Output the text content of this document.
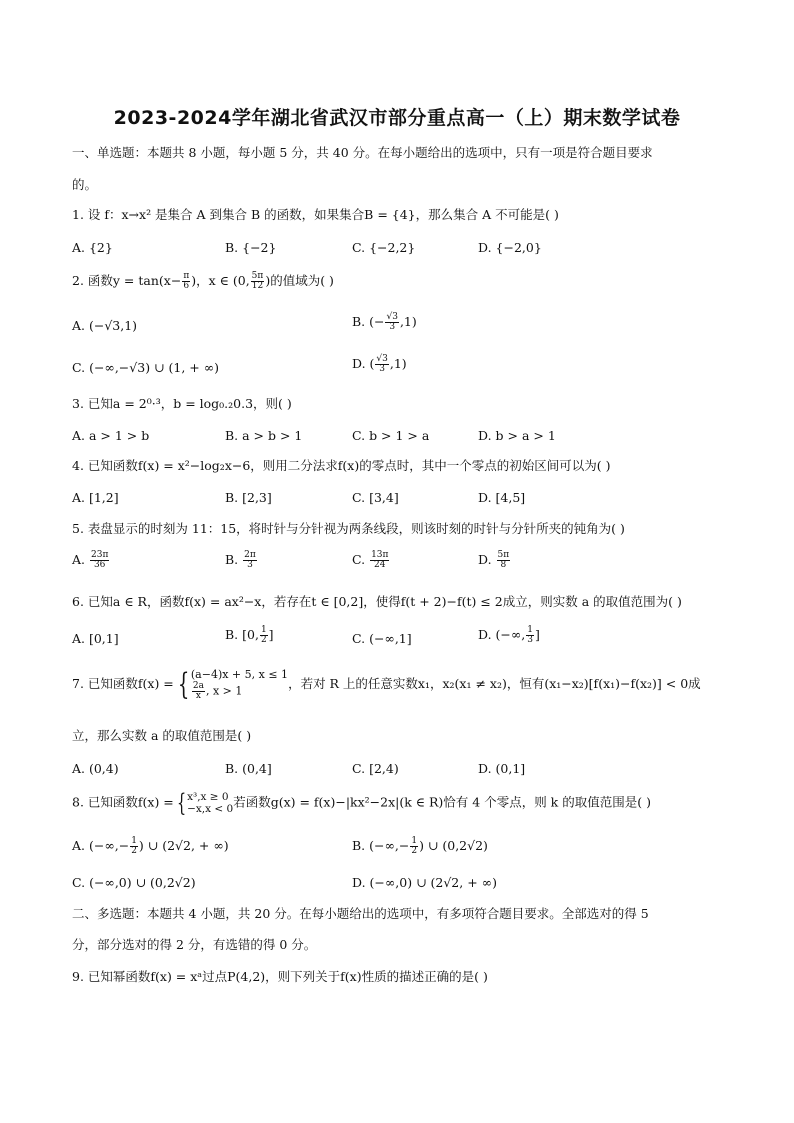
2023-2024学年湖北省武汉市部分重点高一（上）期末数学试卷
一、单选题：本题共 8 小题，每小题 5 分，共 40 分。在每小题给出的选项中，只有一项是符合题目要求
的。
1. 设 f：x→x² 是集合 A 到集合 B 的函数，如果集合B = {4}，那么集合 A 不可能是( )
A. {2}	B. {−2}	C. {−2,2}	D. {−2,0}
2. 函数$y = \tan(x- \frac{\pi}{6}$ )，x ∈ (0, $\frac{5\pi}{12}$ )的值域为( )
A. (−√3,1)	B. (− $\frac{√3}{3} ,1$)
C. (−∞,−√3) ∪ (1, + ∞)	D. ( $\frac{√3}{3} ,1$)
3. 已知a = 2⁰·³，b = log₀.₂0.3，则( )
A. a > 1 > b	B. a > b > 1	C. b > 1 > a	D. b > a > 1
4. 已知函数f(x) = x²−log₂x−6，则用二分法求f(x)的零点时，其中一个零点的初始区间可以为( )
A. [1,2]	B. [2,3]	C. [3,4]	D. [4,5]
5. 表盘显示的时刻为 11：15，将时针与分针视为两条线段，则该时刻的时针与分针所夹的钝角为( )
A. $\frac{23\pi}{36}$	B. $\frac{2\pi}{3}$	C. $\frac{13\pi}{24}$	D. $\frac{5\pi}{8}$
6. 已知a ∈ R，函数f(x) = ax²−x，若存在t ∈ [0,2]，使得f(t + 2)−f(t) ≤ 2成立，则实数 a 的取值范围为( )
A. [0,1]	B. [0, $\frac{1}{2}$ ]	C. (−∞,1]	D. (−∞, $\frac{1}{3}$ ]
7. 已知函数f(x) = { (a−4)x + 5, x ≤ 1
$\frac{2a}{x}$ , x > 1	，若对 R 上的任意实数x₁，x₂(x₁ ≠ x₂)，恒有(x₁−x₂)[f(x₁)−f(x₂)] < 0成
立，那么实数 a 的取值范围是( )
A. (0,4)	B. (0,4]	C. [2,4)	D. (0,1]
8. 已知函数f(x) = { x³,x ≥ 0
−x,x < 0 若函数g(x) = f(x)−|kx²−2x|(k ∈ R)恰有 4 个零点，则 k 的取值范围是( )
A. (−∞,− $\frac{1}{2}$ ) ∪ (2√2, + ∞)	B. (−∞,− $\frac{1}{2}$ ) ∪ (0,2√2)
C. (−∞,0) ∪ (0,2√2)	D. (−∞,0) ∪ (2√2, + ∞)
二、多选题：本题共 4 小题，共 20 分。在每小题给出的选项中，有多项符合题目要求。全部选对的得 5
分，部分选对的得 2 分，有选错的得 0 分。
9. 已知幂函数f(x) = xᵃ过点P(4,2)，则下列关于f(x)性质的描述正确的是( )
